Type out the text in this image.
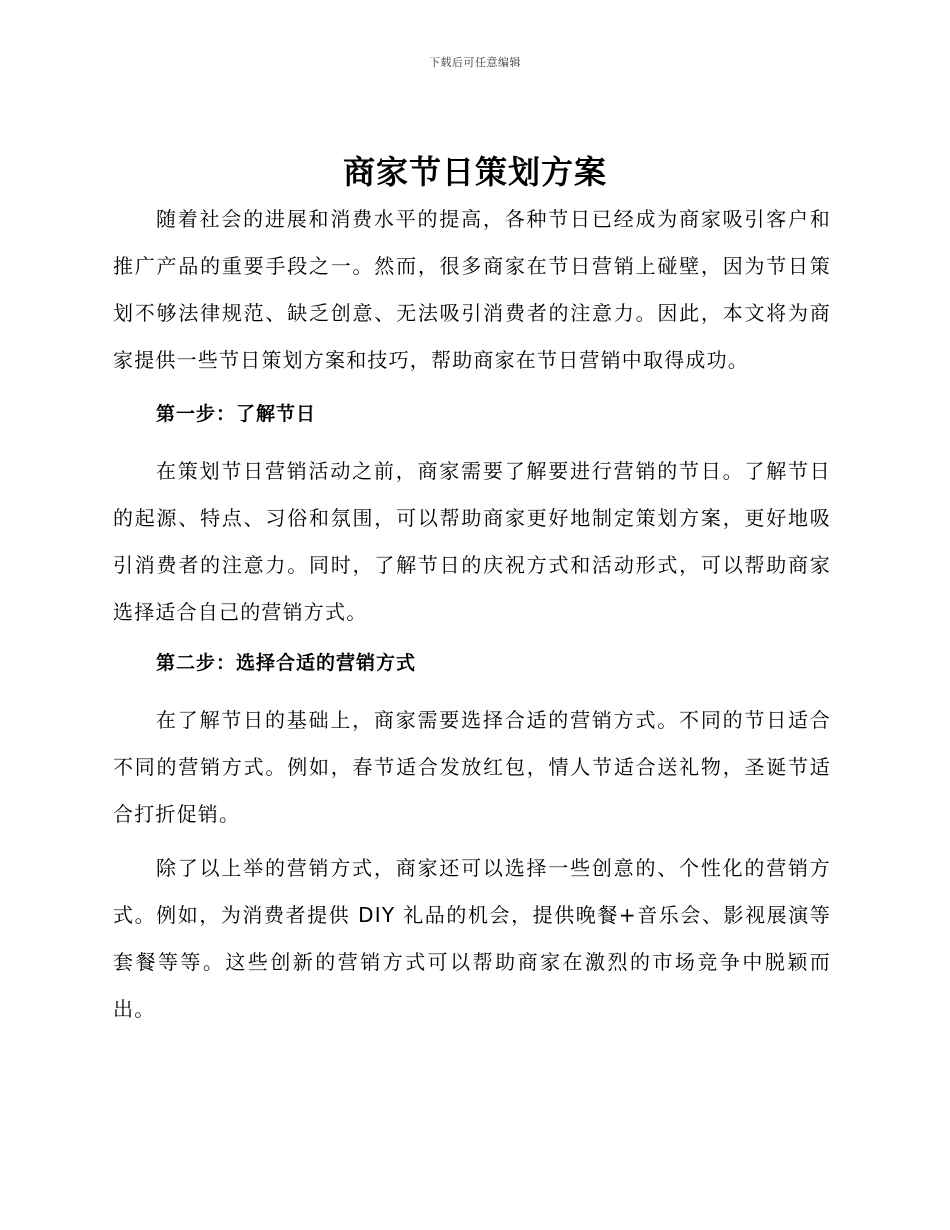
下载后可任意编辑
商家节日策划方案

随着社会的进展和消费水平的提高，各种节日已经成为商家吸引客户和推广产品的重要手段之一。然而，很多商家在节日营销上碰壁，因为节日策划不够法律规范、缺乏创意、无法吸引消费者的注意力。因此，本文将为商家提供一些节日策划方案和技巧，帮助商家在节日营销中取得成功。

第一步：了解节日

在策划节日营销活动之前，商家需要了解要进行营销的节日。了解节日的起源、特点、习俗和氛围，可以帮助商家更好地制定策划方案，更好地吸引消费者的注意力。同时，了解节日的庆祝方式和活动形式，可以帮助商家选择适合自己的营销方式。

第二步：选择合适的营销方式

在了解节日的基础上，商家需要选择合适的营销方式。不同的节日适合不同的营销方式。例如，春节适合发放红包，情人节适合送礼物，圣诞节适合打折促销。

除了以上举的营销方式，商家还可以选择一些创意的、个性化的营销方式。例如，为消费者提供 DIY 礼品的机会，提供晚餐+音乐会、影视展演等套餐等等。这些创新的营销方式可以帮助商家在激烈的市场竞争中脱颖而出。
